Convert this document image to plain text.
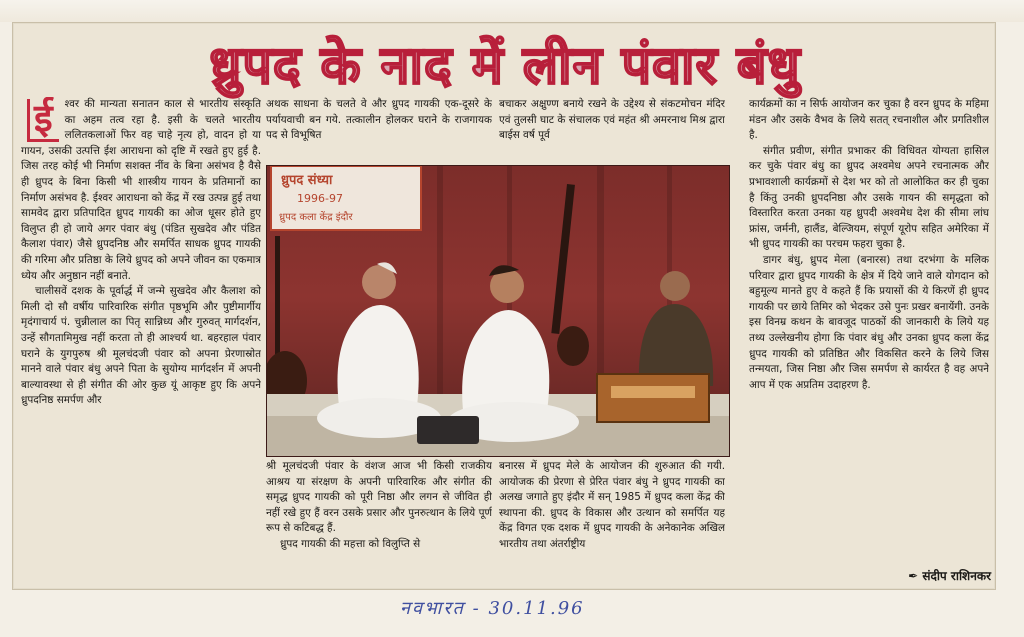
ध्रुपद के नाद में लीन पंवार बंधु
ई	श्वर की मान्यता सनातन काल से भारतीय संस्कृति का अहम तत्व रहा है. इसी के चलते भारतीय ललितकलाओं फिर वह चाहे नृत्य हो, वादन हो या गायन, उसकी उत्पत्ति ईश आराधना को दृष्टि में रखते हुए हुई है. जिस तरह कोई भी निर्माण सशक्त नींव के बिना असंभव है वैसे ही ध्रुपद के बिना किसी भी शास्त्रीय गायन के प्रतिमानों का निर्माण असंभव है. ईश्वर आराधना को केंद्र में रख उत्पन्न हुई तथा सामवेद द्वारा प्रतिपादित ध्रुपद गायकी का ओज धूसर होते हुए विलुप्त ही हो जाये अगर पंवार बंधु (पंडित सुखदेव और पंडित कैलाश पंवार) जैसे ध्रुपदनिष्ठ और समर्पित साधक ध्रुपद गायकी की गरिमा और प्रतिष्ठा के लिये ध्रुपद को अपने जीवन का एकमात्र ध्येय और अनुष्ठान नहीं बनाते.

चालीसवें दशक के पूर्वार्द्ध में जन्मे सुखदेव और कैलाश को मिली दो सौ वर्षीय पारिवारिक संगीत पृष्ठभूमि और पुष्टीमार्गीय मृदंगाचार्य पं. चुन्नीलाल का पितृ सान्निध्य और गुरुवत् मार्गदर्शन, उन्हें सौगतामिमुख नहीं करता तो ही आश्चर्य था. बहरहाल पंवार घराने के युगपुरुष श्री मूलचंदजी पंवार को अपना प्रेरणास्रोत मानने वाले पंवार बंधु अपने पिता के सुयोग्य मार्गदर्शन में अपनी बाल्यावस्था से ही संगीत की ओर कुछ यूं आकृष्ट हुए कि अपने ध्रुपदनिष्ठ समर्पण और

अथक साधना के चलते वे और ध्रुपद गायकी एक-दूसरे के पर्यायवाची बन गये. तत्कालीन होलकर घराने के राजगायक पद से विभूषित

बचाकर अक्षुण्ण बनाये रखने के उद्देश्य से संकटमोचन मंदिर एवं तुलसी घाट के संचालक एवं महंत श्री अमरनाथ मिश्र द्वारा बाईस वर्ष पूर्व

ध्रुपद संध्या
1996-97
ध्रुपद कला केंद्र इंदौर

श्री मूलचंदजी पंवार के वंशज आज भी किसी राजकीय आश्रय या संरक्षण के अपनी पारिवारिक और संगीत की समृद्ध ध्रुपद गायकी को पूरी निष्ठा और लगन से जीवित ही नहीं रखे हुए हैं वरन उसके प्रसार और पुनरुत्थान के लिये पूर्ण रूप से कटिबद्ध हैं.

ध्रुपद गायकी की महत्ता को विलुप्ति से

बनारस में ध्रुपद मेले के आयोजन की शुरुआत की गयी. आयोजक की प्रेरणा से प्रेरित पंवार बंधु ने ध्रुपद गायकी का अलख जगाते हुए इंदौर में सन् 1985 में ध्रुपद कला केंद्र की स्थापना की. ध्रुपद के विकास और उत्थान को समर्पित यह केंद्र विगत एक दशक में ध्रुपद गायकी के अनेकानेक अखिल भारतीय तथा अंतर्राष्ट्रीय

कार्यक्रमों का न सिर्फ आयोजन कर चुका है वरन ध्रुपद के महिमा मंडन और उसके वैभव के लिये सतत् रचनाशील और प्रगतिशील है.

संगीत प्रवीण, संगीत प्रभाकर की विधिवत योग्यता हासिल कर चुके पंवार बंधु का ध्रुपद अश्वमेध अपने रचनात्मक और प्रभावशाली कार्यक्रमों से देश भर को तो आलोकित कर ही चुका है किंतु उनकी ध्रुपदनिष्ठा और उसके गायन की समृद्धता को विस्तारित करता उनका यह ध्रुपदी अश्वमेध देश की सीमा लांघ फ्रांस, जर्मनी, हालैंड, बेल्जियम, संपूर्ण यूरोप सहित अमेरिका में भी ध्रुपद गायकी का परचम फहरा चुका है.

डागर बंधु, ध्रुपद मेला (बनारस) तथा दरभंगा के मलिक परिवार द्वारा ध्रुपद गायकी के क्षेत्र में दिये जाने वाले योगदान को बहुमूल्य मानते हुए वे कहते हैं कि प्रयासों की ये किरणें ही ध्रुपद गायकी पर छाये तिमिर को भेदकर उसे पुनः प्रखर बनायेंगी. उनके इस विनम्र कथन के बावजूद पाठकों की जानकारी के लिये यह तथ्य उल्लेखनीय होगा कि पंवार बंधु और उनका ध्रुपद कला केंद्र ध्रुपद गायकी को प्रतिष्ठित और विकसित करने के लिये जिस तन्मयता, जिस निष्ठा और जिस समर्पण से कार्यरत है वह अपने आप में एक अप्रतिम उदाहरण है.

✒ संदीप राशिनकर
नवभारत - 30.11.96
